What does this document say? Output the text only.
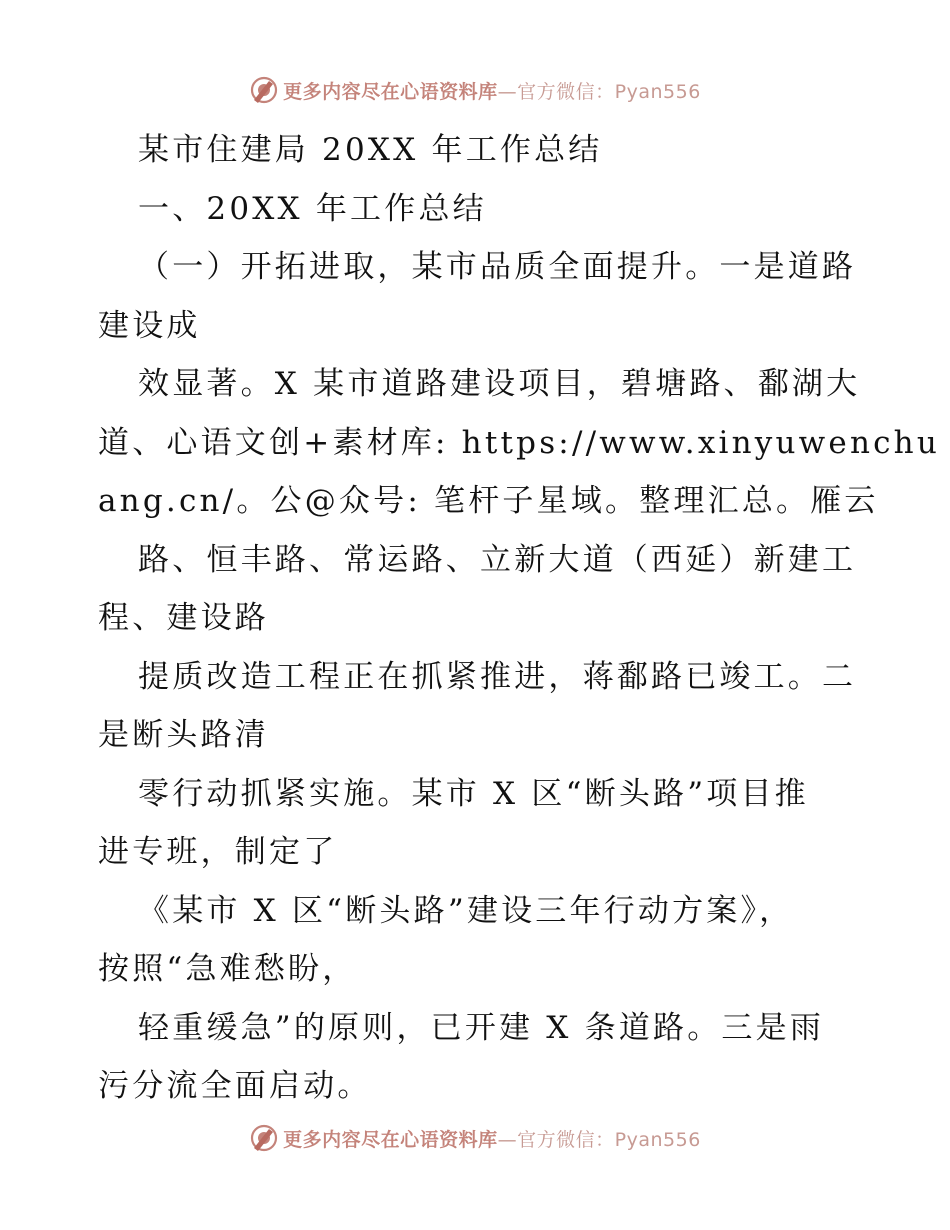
更多内容尽在心语资料库—官方微信：Pyan556
某市住建局 20XX 年工作总结
一、20XX 年工作总结
（一）开拓进取，某市品质全面提升。一是道路
建设成
效显著。X 某市道路建设项目，碧塘路、鄱湖大
道、心语文创+素材库: https://www.xinyuwenchu
ang.cn/。公@众号: 笔杆子星域。整理汇总。雁云
路、恒丰路、常运路、立新大道（西延）新建工
程、建设路
提质改造工程正在抓紧推进，蒋鄱路已竣工。二
是断头路清
零行动抓紧实施。某市 X 区“断头路”项目推
进专班，制定了
《某市 X 区“断头路”建设三年行动方案》，
按照“急难愁盼，
轻重缓急”的原则，已开建 X 条道路。三是雨
污分流全面启动。
更多内容尽在心语资料库—官方微信：Pyan556
